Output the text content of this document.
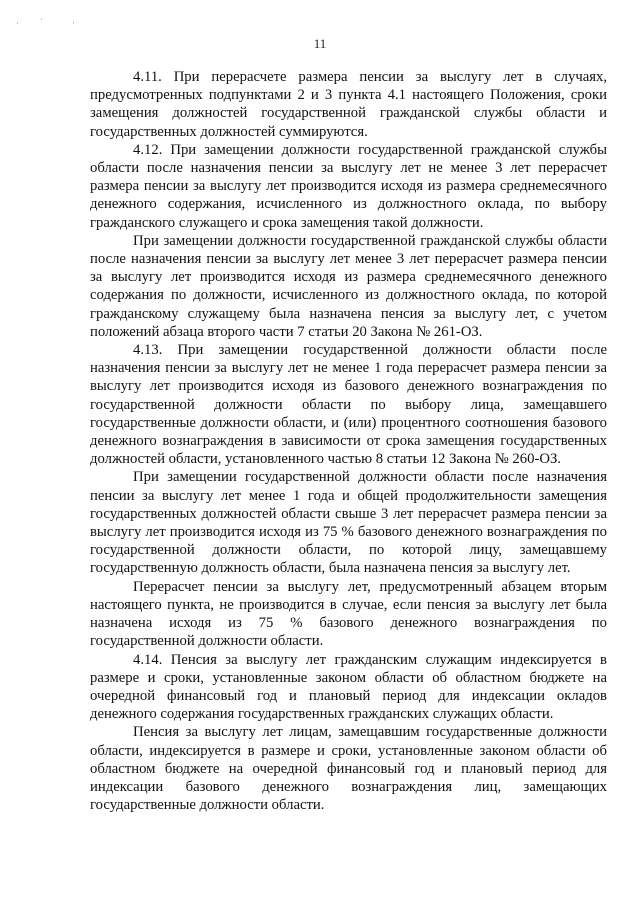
˙	˙	ˈ
11

4.11. При перерасчете размера пенсии за выслугу лет в случаях, предусмотренных подпунктами 2 и 3 пункта 4.1 настоящего Положения, сроки замещения должностей государственной гражданской службы области и государственных должностей суммируются.

4.12. При замещении должности государственной гражданской службы области после назначения пенсии за выслугу лет не менее 3 лет перерасчет размера пенсии за выслугу лет производится исходя из размера среднемесячного денежного содержания, исчисленного из должностного оклада, по выбору гражданского служащего и срока замещения такой должности.

При замещении должности государственной гражданской службы области после назначения пенсии за выслугу лет менее 3 лет перерасчет размера пенсии за выслугу лет производится исходя из размера среднемесячного денежного содержания по должности, исчисленного из должностного оклада, по которой гражданскому служащему была назначена пенсия за выслугу лет, с учетом положений абзаца второго части 7 статьи 20 Закона № 261-ОЗ.

4.13. При замещении государственной должности области после назначения пенсии за выслугу лет не менее 1 года перерасчет размера пенсии за выслугу лет производится исходя из базового денежного вознаграждения по государственной должности области по выбору лица, замещавшего государственные должности области, и (или) процентного соотношения базового денежного вознаграждения в зависимости от срока замещения государственных должностей области, установленного частью 8 статьи 12 Закона № 260-ОЗ.

При замещении государственной должности области после назначения пенсии за выслугу лет менее 1 года и общей продолжительности замещения государственных должностей области свыше 3 лет перерасчет размера пенсии за выслугу лет производится исходя из 75 % базового денежного вознаграждения по государственной должности области, по которой лицу, замещавшему государственную должность области, была назначена пенсия за выслугу лет.

Перерасчет пенсии за выслугу лет, предусмотренный абзацем вторым настоящего пункта, не производится в случае, если пенсия за выслугу лет была назначена исходя из 75 % базового денежного вознаграждения по государственной должности области.

4.14. Пенсия за выслугу лет гражданским служащим индексируется в размере и сроки, установленные законом области об областном бюджете на очередной финансовый год и плановый период для индексации окладов денежного содержания государственных гражданских служащих области.

Пенсия за выслугу лет лицам, замещавшим государственные должности области, индексируется в размере и сроки, установленные законом области об областном бюджете на очередной финансовый год и плановый период для индексации базового денежного вознаграждения лиц, замещающих государственные должности области.
